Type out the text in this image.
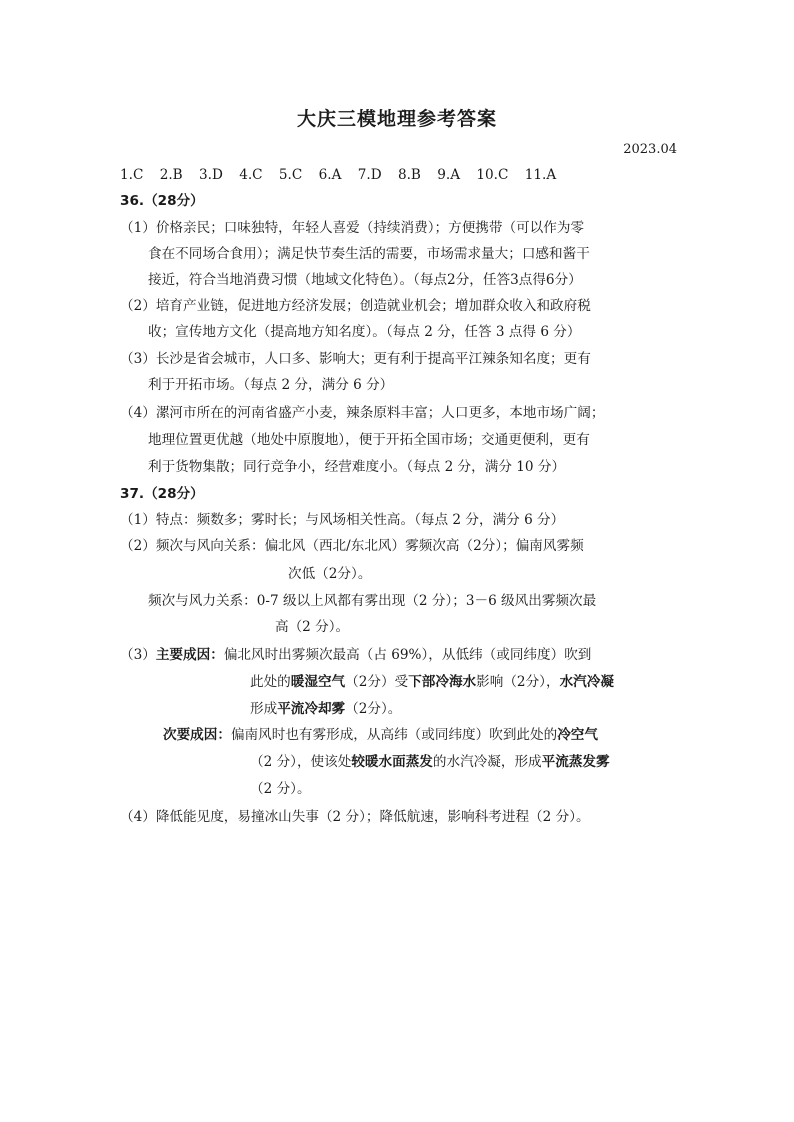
大庆三模地理参考答案
2023.04
1.C 2.B 3.D 4.C 5.C 6.A 7.D 8.B 9.A 10.C 11.A
36.（28分）
（1）价格亲民；口味独特，年轻人喜爱（持续消费）；方便携带（可以作为零
食在不同场合食用）；满足快节奏生活的需要，市场需求量大；口感和酱干
接近，符合当地消费习惯（地域文化特色）。（每点2分，任答3点得6分）
（2）培育产业链，促进地方经济发展；创造就业机会；增加群众收入和政府税
收；宣传地方文化（提高地方知名度）。（每点 2 分，任答 3 点得 6 分）
（3）长沙是省会城市，人口多、影响大；更有利于提高平江辣条知名度；更有
利于开拓市场。（每点 2 分，满分 6 分）
（4）漯河市所在的河南省盛产小麦，辣条原料丰富；人口更多，本地市场广阔；
地理位置更优越（地处中原腹地），便于开拓全国市场；交通更便利，更有
利于货物集散；同行竞争小，经营难度小。（每点 2 分，满分 10 分）
37.（28分）
（1）特点：频数多；雾时长；与风场相关性高。（每点 2 分，满分 6 分）
（2）频次与风向关系：偏北风（西北/东北风）雾频次高（2分）；偏南风雾频
次低（2分）。
频次与风力关系：0-7 级以上风都有雾出现（2 分）；3－6 级风出雾频次最
高（2 分）。
（3）主要成因：偏北风时出雾频次最高（占 69%），从低纬（或同纬度）吹到
此处的暖湿空气（2分）受下部冷海水影响（2分），水汽冷凝
形成平流冷却雾（2分）。
次要成因：偏南风时也有雾形成，从高纬（或同纬度）吹到此处的冷空气
（2 分），使该处较暖水面蒸发的水汽冷凝，形成平流蒸发雾
（2 分）。
（4）降低能见度，易撞冰山失事（2 分）；降低航速，影响科考进程（2 分）。
